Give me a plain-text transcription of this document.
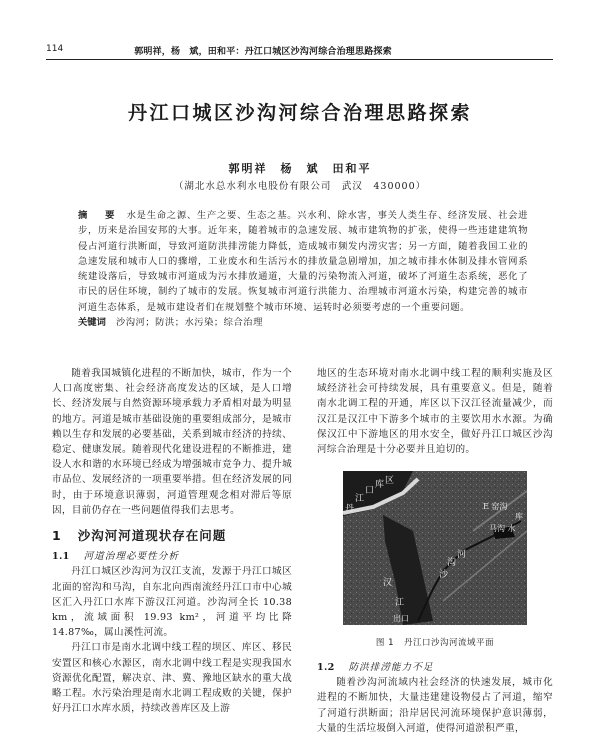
114	郭明祥，杨　斌，田和平：丹江口城区沙沟河综合治理思路探索
丹江口城区沙沟河综合治理思路探索
郭明祥　杨　斌　田和平
（湖北水总水利水电股份有限公司　武汉　430000）
摘　要 水是生命之源、生产之要、生态之基。兴水利、除水害，事关人类生存、经济发展、社会进步，历来是治国安邦的大事。近年来，随着城市的急速发展、城市建筑物的扩张，使得一些违建建筑物侵占河道行洪断面，导致河道防洪排涝能力降低，造成城市频发内涝灾害；另一方面，随着我国工业的急速发展和城市人口的骤增，工业废水和生活污水的排放量急剧增加，加之城市排水体制及排水管网系统建设落后，导致城市河道成为污水排放通道，大量的污染物流入河道，破坏了河道生态系统，恶化了市民的居住环境，制约了城市的发展。恢复城市河道行洪能力、治理城市河道水污染，构建完善的城市河道生态体系，是城市建设者们在规划整个城市环境、运转时必须要考虑的一个重要问题。
关键词 沙沟河；防洪；水污染；综合治理

随着我国城镇化进程的不断加快，城市，作为一个人口高度密集、社会经济高度发达的区域，是人口增长、经济发展与自然资源环境承载力矛盾相对最为明显的地方。河道是城市基础设施的重要组成部分，是城市赖以生存和发展的必要基础，关系到城市经济的持续、稳定、健康发展。随着现代化建设进程的不断推进，建设人水和谐的水环境已经成为增强城市竞争力、提升城市品位、发展经济的一项重要举措。但在经济发展的同时，由于环境意识薄弱，河道管理观念相对滞后等原因，目前仍存在一些问题值得我们去思考。

1 沙沟河河道现状存在问题
1.1 河道治理必要性分析

丹江口城区沙沟河为汉江支流，发源于丹江口城区北面的窑沟和马沟，自东北向西南流经丹江口市中心城区汇入丹江口水库下游汉江河道。沙沟河全长 10.38 km，流域面积 19.93 km²，河道平均比降 14.87‰，属山溪性河流。

丹江口市是南水北调中线工程的坝区、库区、移民安置区和核心水源区，南水北调中线工程是实现我国水资源优化配置，解决京、津、冀、豫地区缺水的重大战略工程。水污染治理是南水北调工程成败的关键，保护好丹江口水库水质，持续改善库区及上游

地区的生态环境对南水北调中线工程的顺利实施及区域经济社会可持续发展，具有重要意义。但是，随着南水北调工程的开通，库区以下汉江径流量减少，而汉江是汉江中下游多个城市的主要饮用水水源。为确保汉江中下游地区的用水安全，做好丹江口城区沙沟河综合治理是十分必要并且迫切的。

丹
江
口
库 区
汉
江
沙
沟
河
E 窑沟
马沟 水
库
出口
图 1 丹江口沙沟河流域平面
1.2 防洪排涝能力不足

随着沙沟河流域内社会经济的快速发展，城市化进程的不断加快，大量违建建设物侵占了河道，缩窄了河道行洪断面；沿岸居民河流环境保护意识薄弱，大量的生活垃圾倒入河道，使得河道淤积严重，
